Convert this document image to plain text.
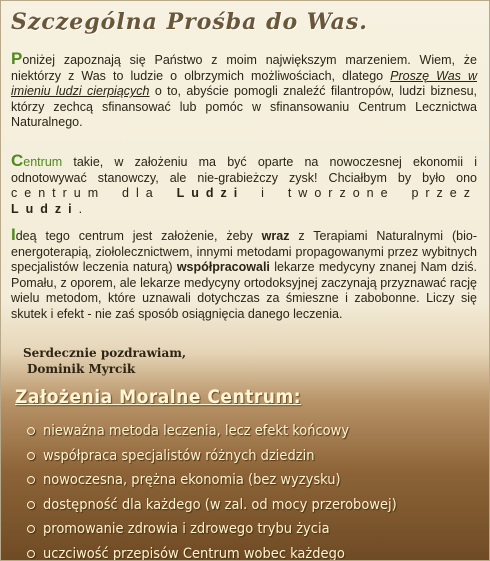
Szczególna Prośba do Was.

Poniżej zapoznają się Państwo z moim największym marzeniem. Wiem, że niektórzy z Was to ludzie o olbrzymich możliwościach, dlatego Proszę Was w imieniu ludzi cierpiących o to, abyście pomogli znaleźć filantropów, ludzi biznesu, którzy zechcą sfinansować lub pomóc w sfinansowaniu Centrum Lecznictwa Naturalnego.

Centrum takie, w założeniu ma być oparte na nowoczesnej ekonomii i odnotowywać stanowczy, ale nie-grabieżczy zysk! Chciałbym by było ono centrum dla Ludzi i tworzone przez Ludzi.

Ideą tego centrum jest założenie, żeby wraz z Terapiami Naturalnymi (bio-energoterapią, ziołolecznictwem, innymi metodami propagowanymi przez wybitnych specjalistów leczenia naturą) współpracowali lekarze medycyny znanej Nam dziś. Pomału, z oporem, ale lekarze medycyny ortodoksyjnej zaczynają przyznawać rację wielu metodom, które uznawali dotychczas za śmieszne i zabobonne. Liczy się skutek i efekt - nie zaś sposób osiągnięcia danego leczenia.

Serdecznie pozdrawiam,
Dominik Myrcik
Założenia Moralne Centrum:
nieważna metoda leczenia, lecz efekt końcowy
współpraca specjalistów różnych dziedzin
nowoczesna, prężna ekonomia (bez wyzysku)
dostępność dla każdego (w zal. od mocy przerobowej)
promowanie zdrowia i zdrowego trybu życia
uczciwość przepisów Centrum wobec każdego
